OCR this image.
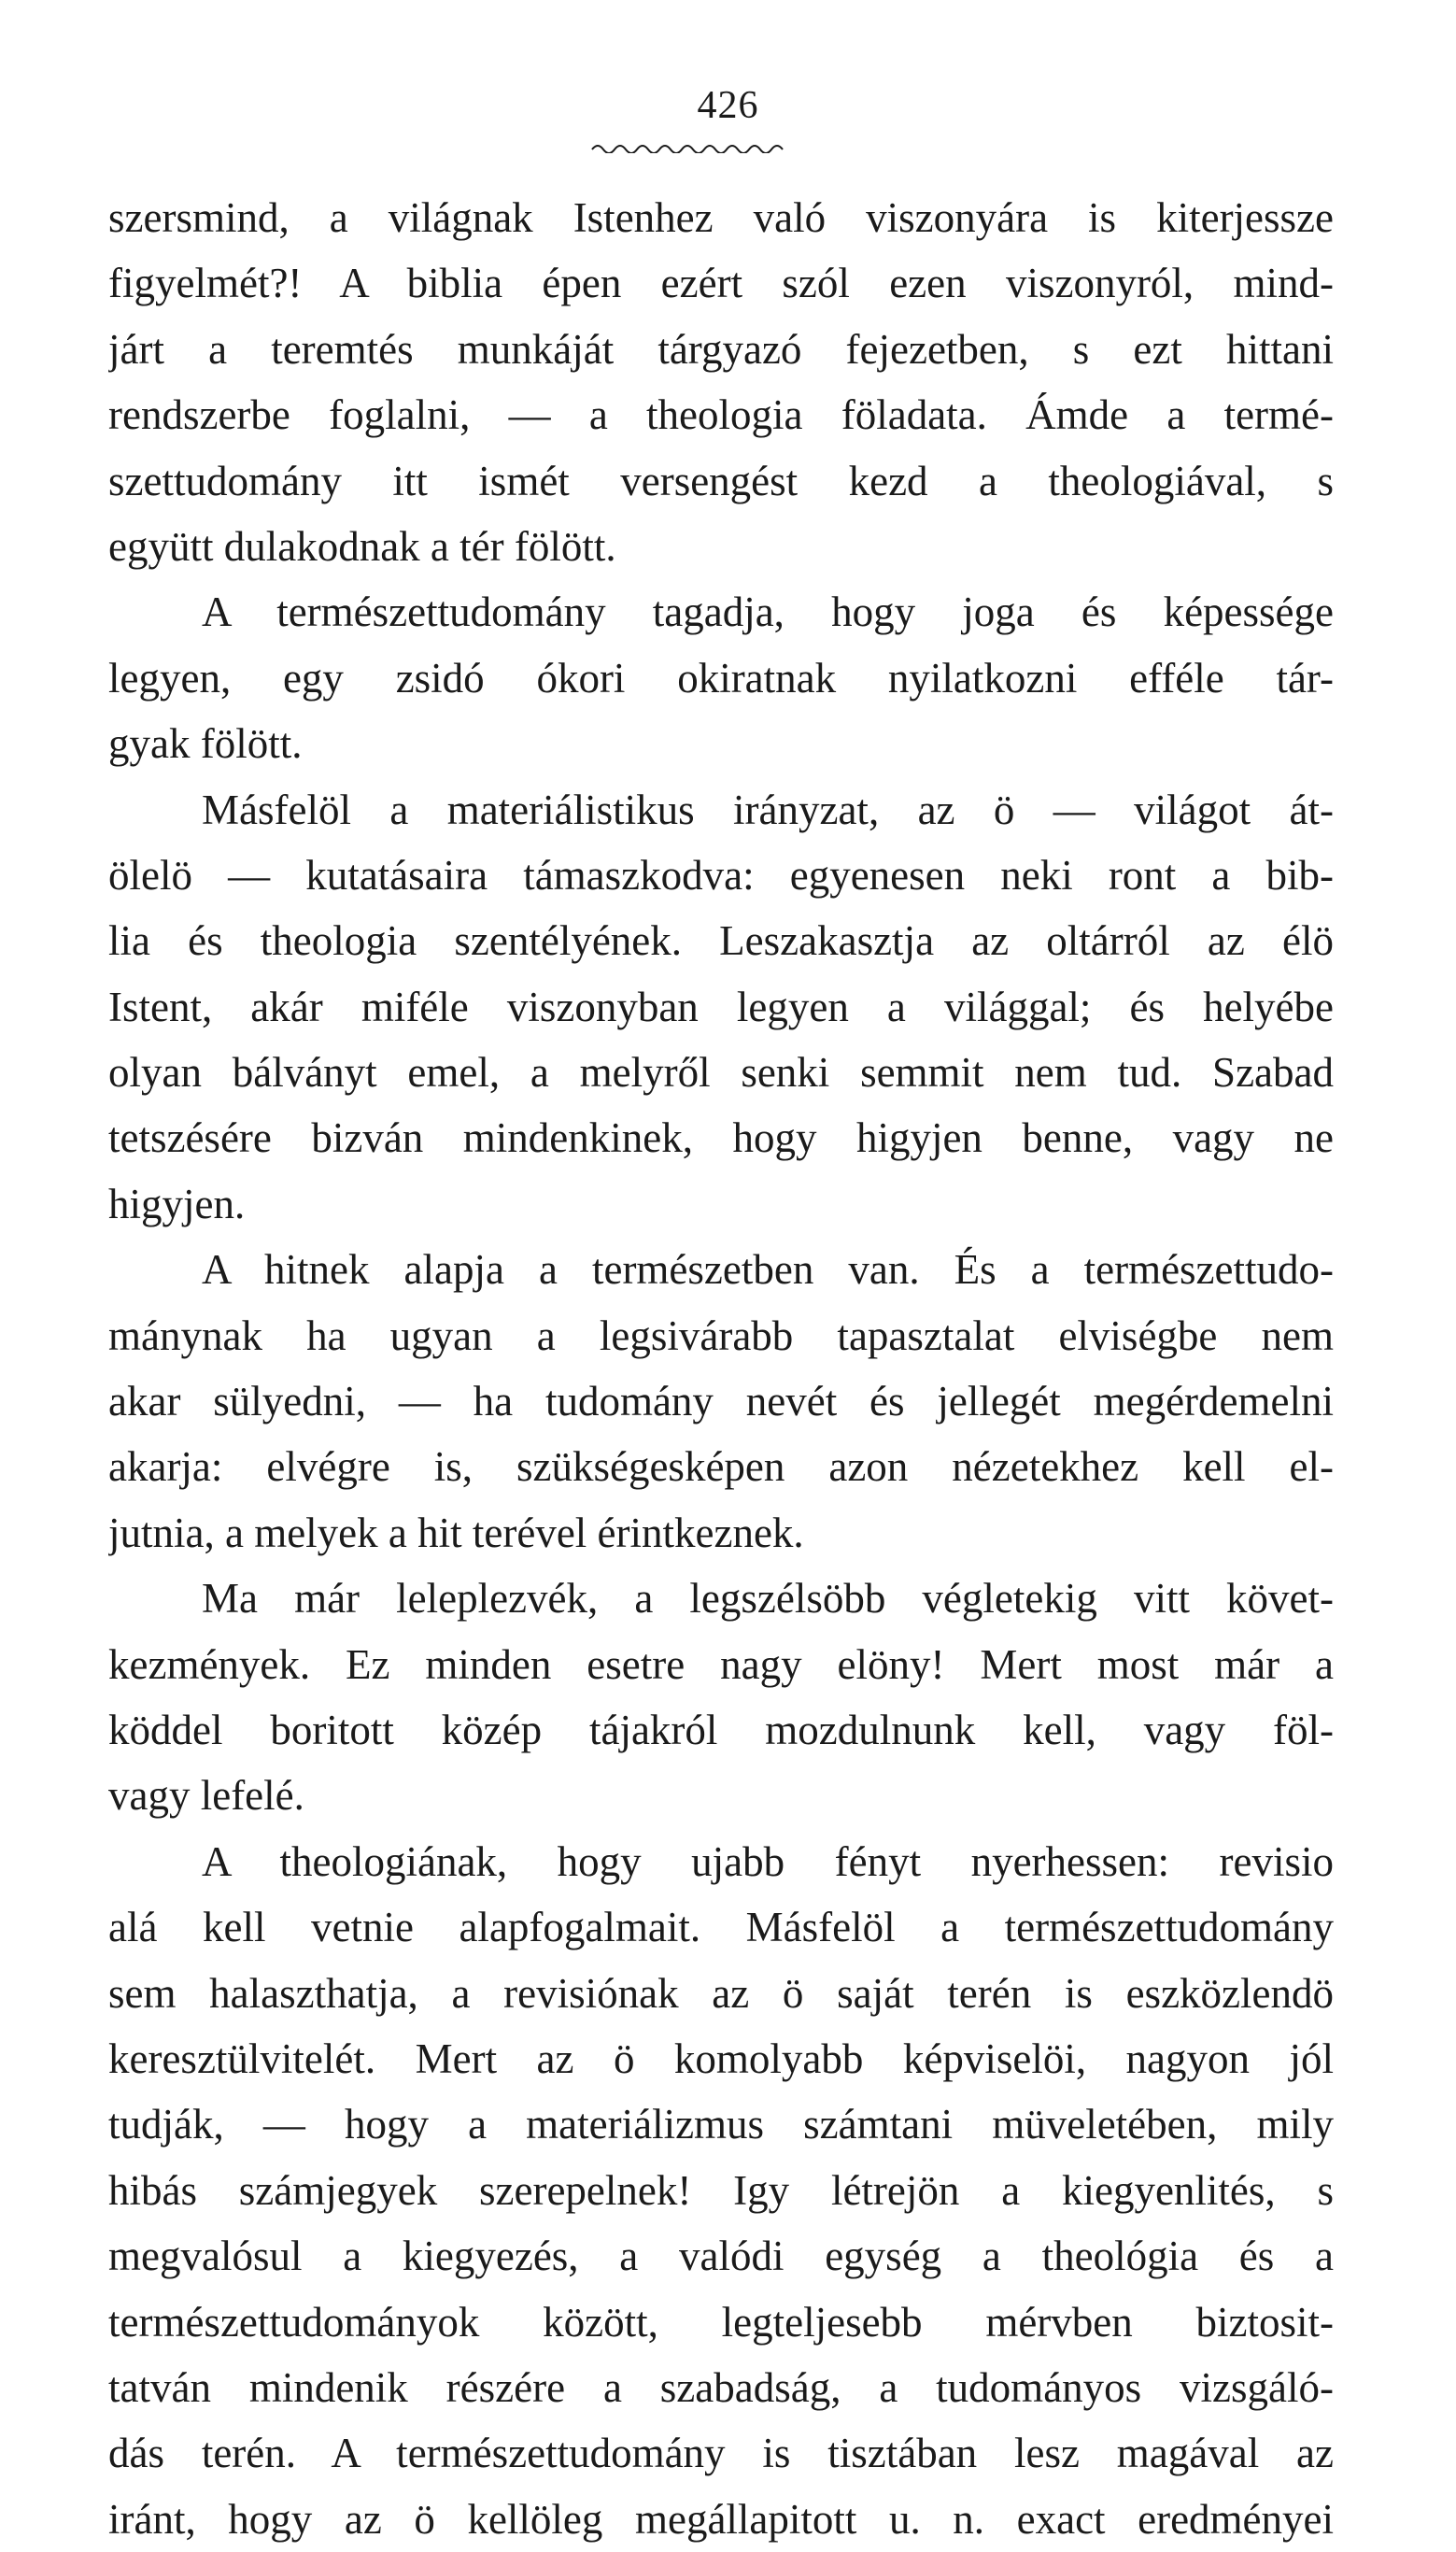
426
szersmind, a világnak Istenhez való viszonyára is kiterjessze
figyelmét?! A biblia épen ezért szól ezen viszonyról, mind-
járt a teremtés munkáját tárgyazó fejezetben, s ezt hittani
rendszerbe foglalni, — a theologia föladata. Ámde a termé-
szettudomány itt ismét versengést kezd a theologiával, s
együtt dulakodnak a tér fölött.
A természettudomány tagadja, hogy joga és képessége
legyen, egy zsidó ókori okiratnak nyilatkozni efféle tár-
gyak fölött.
Másfelöl a materiálistikus irányzat, az ö — világot át-
ölelö — kutatásaira támaszkodva: egyenesen neki ront a bib-
lia és theologia szentélyének. Leszakasztja az oltárról az élö
Istent, akár miféle viszonyban legyen a világgal; és helyébe
olyan bálványt emel, a melyről senki semmit nem tud. Szabad
tetszésére bizván mindenkinek, hogy higyjen benne, vagy ne
higyjen.
A hitnek alapja a természetben van. És a természettudo-
mánynak ha ugyan a legsivárabb tapasztalat elviségbe nem
akar sülyedni, — ha tudomány nevét és jellegét megérdemelni
akarja: elvégre is, szükségesképen azon nézetekhez kell el-
jutnia, a melyek a hit terével érintkeznek.
Ma már leleplezvék, a legszélsöbb végletekig vitt követ-
kezmények. Ez minden esetre nagy elöny! Mert most már a
köddel boritott közép tájakról mozdulnunk kell, vagy föl-
vagy lefelé.
A theologiának, hogy ujabb fényt nyerhessen: revisio
alá kell vetnie alapfogalmait. Másfelöl a természettudomány
sem halaszthatja, a revisiónak az ö saját terén is eszközlendö
keresztülvitelét. Mert az ö komolyabb képviselöi, nagyon jól
tudják, — hogy a materiálizmus számtani müveletében, mily
hibás számjegyek szerepelnek! Igy létrejön a kiegyenlités, s
megvalósul a kiegyezés, a valódi egység a theológia és a
természettudományok között, legteljesebb mérvben biztosit-
tatván mindenik részére a szabadság, a tudományos vizsgáló-
dás terén. A természettudomány is tisztában lesz magával az
iránt, hogy az ö kellöleg megállapitott u. n. exact eredményei
